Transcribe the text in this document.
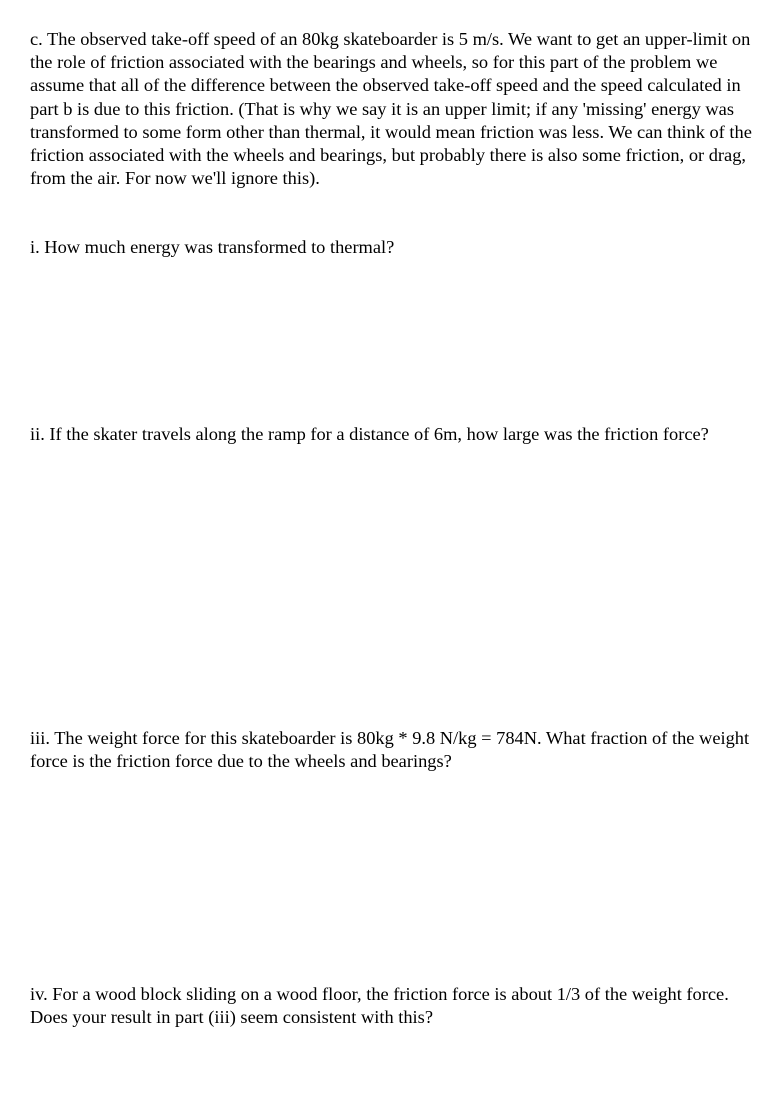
c. The observed take-off speed of an 80kg skateboarder is 5 m/s. We want to get an upper-limit on the role of friction associated with the bearings and wheels, so for this part of the problem we assume that all of the difference between the observed take-off speed and the speed calculated in part b is due to this friction. (That is why we say it is an upper limit; if any 'missing' energy was transformed to some form other than thermal, it would mean friction was less. We can think of the friction associated with the wheels and bearings, but probably there is also some friction, or drag, from the air. For now we'll ignore this).

i. How much energy was transformed to thermal?

ii. If the skater travels along the ramp for a distance of 6m, how large was the friction force?

iii. The weight force for this skateboarder is 80kg * 9.8 N/kg = 784N. What fraction of the weight force is the friction force due to the wheels and bearings?

iv. For a wood block sliding on a wood floor, the friction force is about 1/3 of the weight force. Does your result in part (iii) seem consistent with this?
